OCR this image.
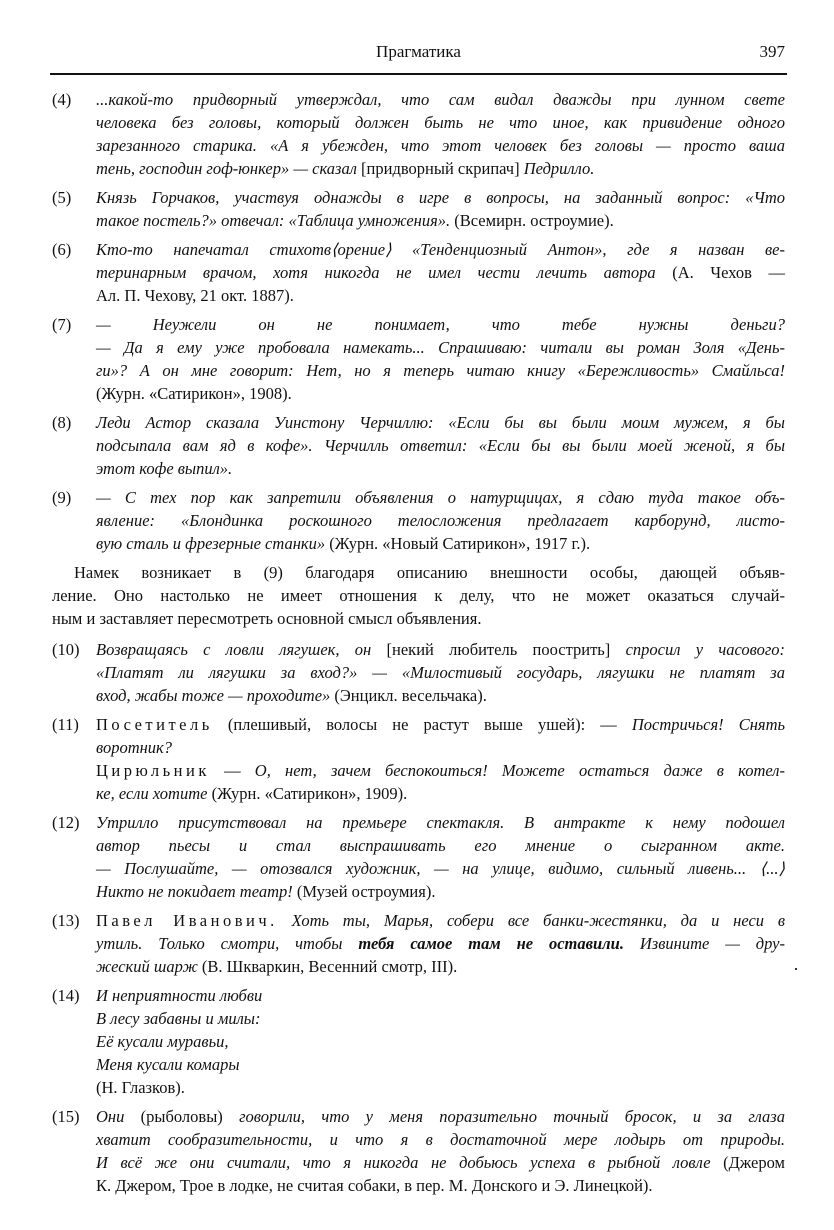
Прагматика	397
(4) ...какой-то придворный утверждал, что сам видал дважды при лунном свете
человека без головы, который должен быть не что иное, как привидение одного
зарезанного старика. «А я убежден, что этот человек без головы — просто ваша
тень, господин гоф-юнкер» — сказал [придворный скрипач] Педрилло.
(5) Князь Горчаков, участвуя однажды в игре в вопросы, на заданный вопрос: «Что
такое постель?» отвечал: «Таблица умножения». (Всемирн. остроумие).
(6) Кто-то напечатал стихотв⟨орение⟩ «Тенденциозный Антон», где я назван ве-
теринарным врачом, хотя никогда не имел чести лечить автора (А. Чехов —
Ал. П. Чехову, 21 окт. 1887).
(7) — Неужели он не понимает, что тебе нужны деньги?
— Да я ему уже пробовала намекать... Спрашиваю: читали вы роман Золя «День-
ги»? А он мне говорит: Нет, но я теперь читаю книгу «Бережливость» Смайльса!
(Журн. «Сатирикон», 1908).
(8) Леди Астор сказала Уинстону Черчиллю: «Если бы вы были моим мужем, я бы
подсыпала вам яд в кофе». Черчилль ответил: «Если бы вы были моей женой, я бы
этот кофе выпил».
(9) — С тех пор как запретили объявления о натурщицах, я сдаю туда такое объ-
явление: «Блондинка роскошного телосложения предлагает карборунд, листо-
вую сталь и фрезерные станки» (Журн. «Новый Сатирикон», 1917 г.).
Намек возникает в (9) благодаря описанию внешности особы, дающей объяв-
ление. Оно настолько не имеет отношения к делу, что не может оказаться случай-
ным и заставляет пересмотреть основной смысл объявления.
(10) Возвращаясь с ловли лягушек, он [некий любитель поострить] спросил у часового:
«Платят ли лягушки за вход?» — «Милостивый государь, лягушки не платят за
вход, жабы тоже — проходите» (Энцикл. весельчака).
(11) Посетитель (плешивый, волосы не растут выше ушей): — Постричься! Снять
воротник?
Цирюльник — О, нет, зачем беспокоиться! Можете остаться даже в котел-
ке, если хотите (Журн. «Сатирикон», 1909).
(12) Утрилло присутствовал на премьере спектакля. В антракте к нему подошел
автор пьесы и стал выспрашивать его мнение о сыгранном акте.
— Послушайте, — отозвался художник, — на улице, видимо, сильный ливень... ⟨...⟩
Никто не покидает театр! (Музей остроумия).
(13) Павел Иванович. Хоть ты, Марья, собери все банки-жестянки, да и неси в
утиль. Только смотри, чтобы тебя самое там не оставили. Извините — дру-
жеский шарж (В. Шкваркин, Весенний смотр, III).
(14) И неприятности любви
В лесу забавны и милы:
Её кусали муравьи,
Меня кусали комары
(Н. Глазков).
(15) Они (рыболовы) говорили, что у меня поразительно точный бросок, и за глаза
хватит сообразительности, и что я в достаточной мере лодырь от природы.
И всё же они считали, что я никогда не добьюсь успеха в рыбной ловле (Джером
К. Джером, Трое в лодке, не считая собаки, в пер. М. Донского и Э. Линецкой).
